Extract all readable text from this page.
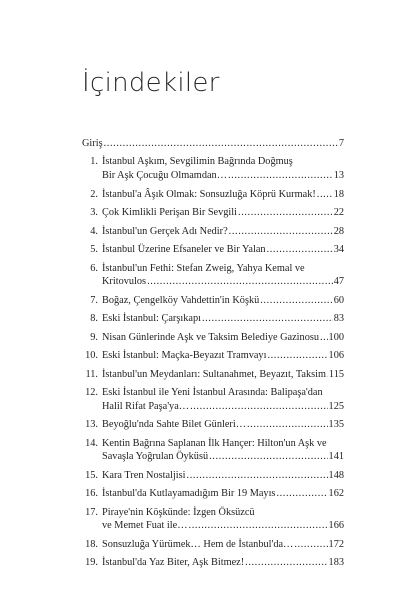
İçindekiler
Giriş .....	7
1. İstanbul Aşkım, Sevgilimin Bağrında Doğmuş
Bir Aşk Çocuğu Olmamdan… .....	13
2. İstanbul'a Âşık Olmak: Sonsuzluğa Köprü Kurmak! ..... 18
3. Çok Kimlikli Perişan Bir Sevgili .....	22
4. İstanbul'un Gerçek Adı Nedir? .....	28
5. İstanbul Üzerine Efsaneler ve Bir Yalan .....	34
6. İstanbul'un Fethi: Stefan Zweig, Yahya Kemal ve
Kritovulos .....	47
7. Boğaz, Çengelköy Vahdettin'in Köşkü .....	60
8. Eski İstanbul: Çarşıkapı .....	83
9. Nisan Günlerinde Aşk ve Taksim Belediye Gazinosu ..... 100
10. Eski İstanbul: Maçka-Beyazıt Tramvayı .....	106
11. İstanbul'un Meydanları: Sultanahmet, Beyazıt, Taksim ..... 115
12. Eski İstanbul ile Yeni İstanbul Arasında: Balipaşa'dan
Halil Rifat Paşa'ya… .....	125
13. Beyoğlu'nda Sahte Bilet Günleri… .....	135
14. Kentin Bağrına Saplanan İlk Hançer: Hilton'un Aşk ve
Savaşla Yoğrulan Öyküsü .....	141
15. Kara Tren Nostaljisi .....	148
16. İstanbul'da Kutlayamadığım Bir 19 Mayıs .....	162
17. Piraye'nin Köşkünde: İzgen Öksüzcü
ve Memet Fuat ile… .....	166
18. Sonsuzluğa Yürümek… Hem de İstanbul'da… .....	172
19. İstanbul'da Yaz Biter, Aşk Bitmez! .....	183
